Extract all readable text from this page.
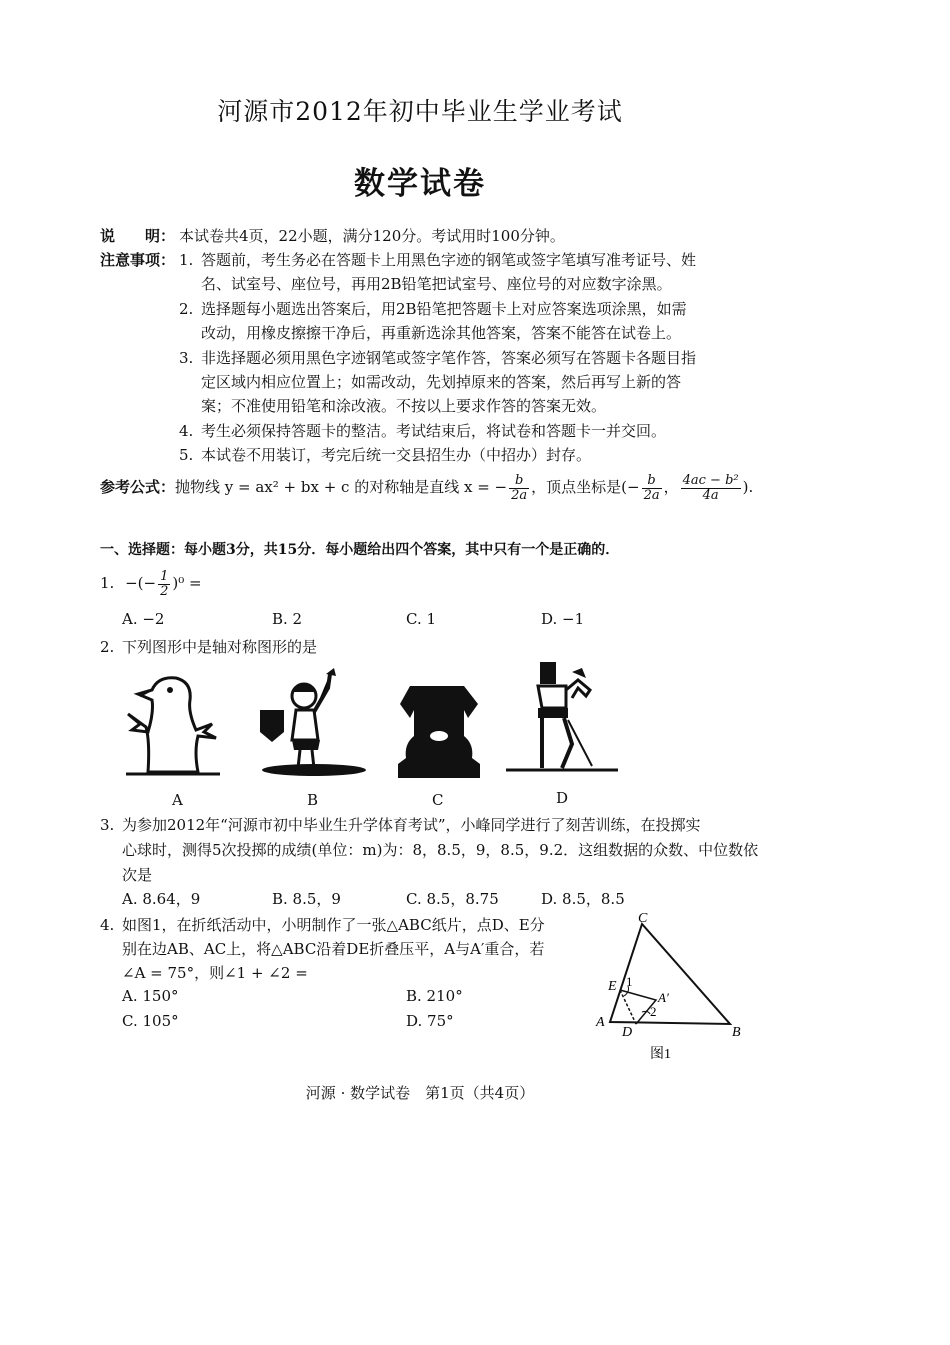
河源市2012年初中毕业生学业考试
数学试卷
说　　明： 本试卷共4页，22小题，满分120分。考试用时100分钟。
注意事项： 1. 答题前，考生务必在答题卡上用黑色字迹的钢笔或签字笔填写准考证号、姓
名、试室号、座位号，再用2B铅笔把试室号、座位号的对应数字涂黑。
2. 选择题每小题选出答案后，用2B铅笔把答题卡上对应答案选项涂黑，如需
改动，用橡皮擦擦干净后，再重新选涂其他答案，答案不能答在试卷上。
3. 非选择题必须用黑色字迹钢笔或签字笔作答，答案必须写在答题卡各题目指
定区域内相应位置上；如需改动，先划掉原来的答案，然后再写上新的答
案；不准使用铅笔和涂改液。不按以上要求作答的答案无效。
4. 考生必须保持答题卡的整洁。考试结束后，将试卷和答题卡一并交回。
5. 本试卷不用装订，考完后统一交县招生办（中招办）封存。
参考公式：抛物线 y = ax² + bx + c 的对称轴是直线 x = − $\frac{b}{2a}$ ，顶点坐标是(− $\frac{b}{2a}$ ， $\frac{\text{4ac − b²}}{4a}$ ).
一、选择题：每小题3分，共15分．每小题给出四个答案，其中只有一个是正确的．
1. −(− $\frac{1}{2} )^0$ =
A. −2	B. 2	C. 1	D. −1
2. 下列图形中是轴对称图形的是
A	B	C	D
3. 为参加2012年“河源市初中毕业生升学体育考试”，小峰同学进行了刻苦训练，在投掷实
心球时，测得5次投掷的成绩(单位：m)为：8，8.5，9，8.5，9.2．这组数据的众数、中位数依
次是
A. 8.64，9	B. 8.5，9	C. 8.5，8.75	D. 8.5，8.5
4. 如图1，在折纸活动中，小明制作了一张△ABC纸片，点D、E分
别在边AB、AC上，将△ABC沿着DE折叠压平，A与A′重合，若
∠A = 75°，则∠1 + ∠2 =
A. 150°	B. 210°
C. 105°	D. 75°
C
E 1
A′
2
A
D	B
图1
河源 · 数学试卷　第1页（共4页）
